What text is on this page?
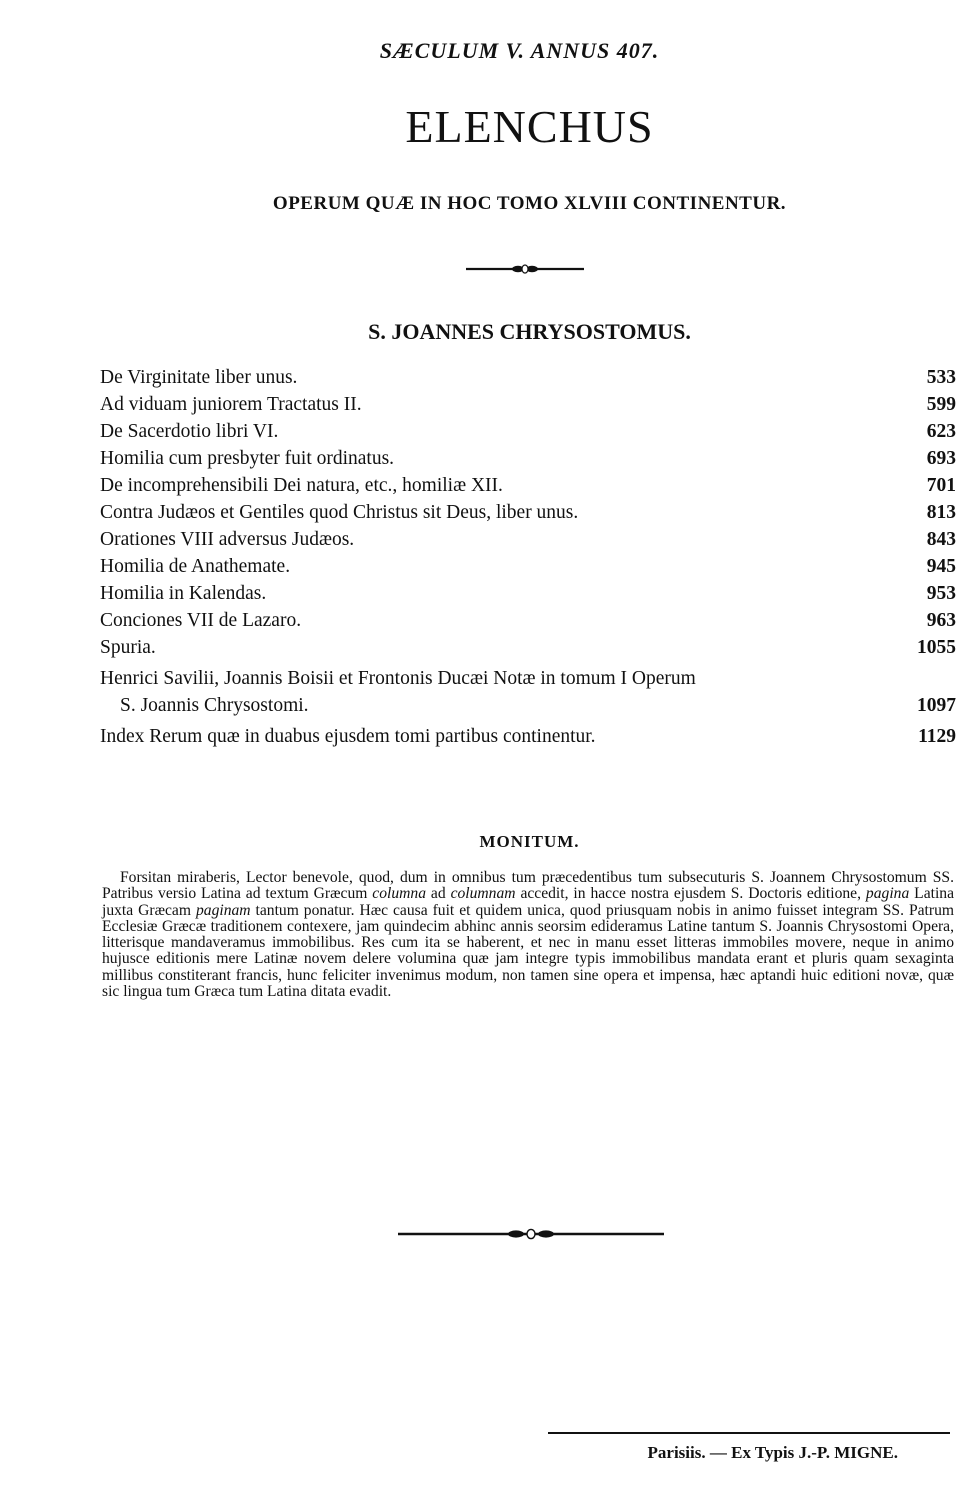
SÆCULUM V. ANNUS 407.
ELENCHUS
OPERUM QUÆ IN HOC TOMO XLVIII CONTINENTUR.
S. JOANNES CHRYSOSTOMUS.
De Virginitate liber unus.	533
Ad viduam juniorem Tractatus II.	599
De Sacerdotio libri VI.	623
Homilia cum presbyter fuit ordinatus.	693
De incomprehensibili Dei natura, etc., homiliæ XII.	701
Contra Judæos et Gentiles quod Christus sit Deus, liber unus.	813
Orationes VIII adversus Judæos.	843
Homilia de Anathemate.	945
Homilia in Kalendas.	953
Conciones VII de Lazaro.	963
Spuria.	1055
Henrici Savilii, Joannis Boisii et Frontonis Ducæi Notæ in tomum I Operum
S. Joannis Chrysostomi.	1097
Index Rerum quæ in duabus ejusdem tomi partibus continentur.	1129
MONITUM.
Forsitan miraberis, Lector benevole, quod, dum in omnibus tum præcedentibus tum subsecuturis S. Joannem Chrysostomum SS. Patribus versio Latina ad textum Græcum columna ad columnam accedit, in hacce nostra ejusdem S. Doctoris editione, pagina Latina juxta Græcam paginam tantum ponatur. Hæc causa fuit et quidem unica, quod priusquam nobis in animo fuisset integram SS. Patrum Ecclesiæ Græcæ traditionem contexere, jam quindecim abhinc annis seorsim edideramus Latine tantum S. Joannis Chrysostomi Opera, litterisque mandaveramus immobilibus. Res cum ita se haberent, et nec in manu esset litteras immobiles movere, neque in animo hujusce editionis mere Latinæ novem delere volumina quæ jam integre typis immobilibus mandata erant et pluris quam sexaginta millibus constiterant francis, hunc feliciter invenimus modum, non tamen sine opera et impensa, hæc aptandi huic editioni novæ, quæ sic lingua tum Græca tum Latina ditata evadit.
Parisiis. — Ex Typis J.-P. MIGNE.
